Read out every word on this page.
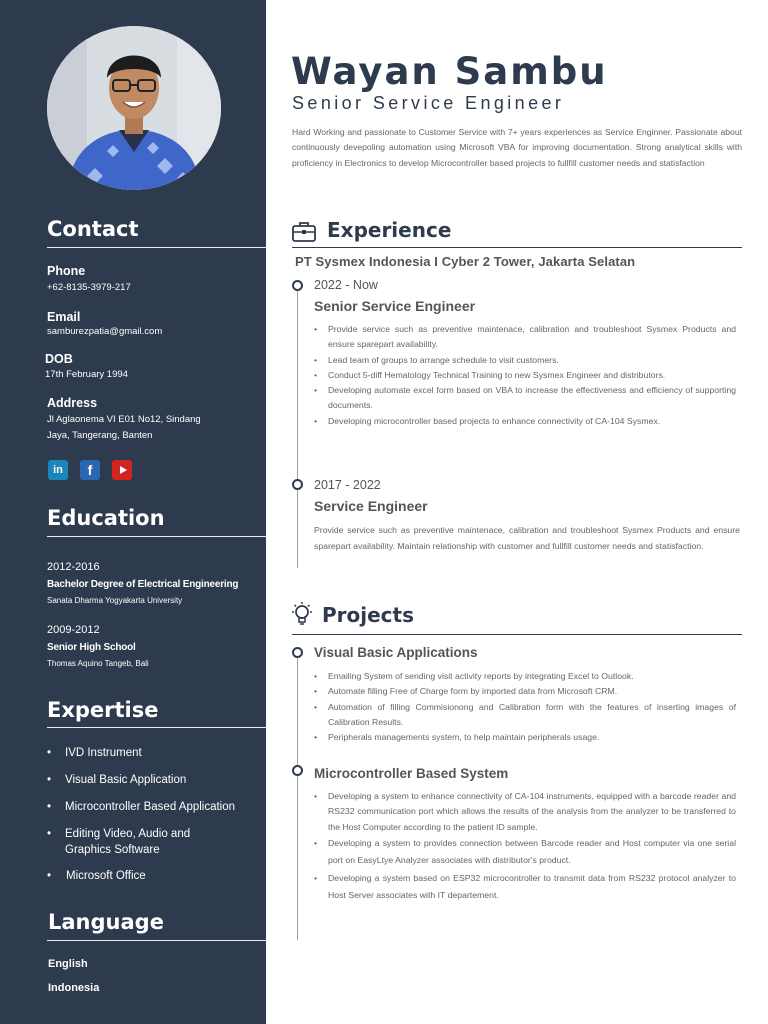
Contact
Phone
+62-8135-3979-217
Email
samburezpatia@gmail.com
DOB
17th February 1994
Address
Jl Aglaonema VI E01 No12, Sindang Jaya, Tangerang, Banten
in	f
Education
2012-2016
Bachelor Degree of Electrical Engineering
Sanata Dharma Yogyakarta University
2009-2012
Senior High School
Thomas Aquino Tangeb, Bali
Expertise
• IVD Instrument
• Visual Basic Application
• Microcontroller Based Application
• Editing Video, Audio and Graphics Software
• Microsoft Office
Language
English
Indonesia
Wayan Sambu
Senior Service Engineer
Hard Working and passionate to Customer Service with 7+ years experiences as Service Enginner. Passionate about continuously devepoling automation using Microsoft VBA for improving documentation. Strong analytical skills with proficiency in Electronics to develop Microcontroller based projects to fullfill customer needs and statisfaction
Experience
PT Sysmex Indonesia I Cyber 2 Tower, Jakarta Selatan
2022 - Now
Senior Service Engineer
• Provide service such as preventive maintenace, calibration and troubleshoot Sysmex Products and ensure sparepart availability.
• Lead team of groups to arrange schedule to visit customers.
• Conduct 5-diff Hematology Technical Training to new Sysmex Engineer and distributors.
• Developing automate excel form based on VBA to increase the effectiveness and efficiency of supporting documents.
• Developing microcontroller based projects to enhance connectivity of CA-104 Sysmex.
2017 - 2022
Service Engineer
Provide service such as preventive maintenace, calibration and troubleshoot Sysmex Products and ensure sparepart availability. Maintain relationship with customer and fullfill customer needs and statisfaction.
Projects
Visual Basic Applications
• Emailing System of sending visit activity reports by integrating Excel to Outlook.
• Automate filling Free of Charge form by imported data from Microsoft CRM.
• Automation of filling Commisionong and Calibration form with the features of inserting images of Calibration Results.
• Peripherals managements system, to help maintain peripherals usage.
Microcontroller Based System
• Developing a system to enhance connectivity of CA-104 instruments, equipped with a barcode reader and RS232 communication port which allows the results of the analysis from the analyzer to be transferred to the Host Computer according to the patient ID sample.
• Developing a system to provides connection between Barcode reader and Host computer via one serial port on EasyLtye Analyzer associates with distributor's product.
• Developing a system based on ESP32 microcontroller to transmit data from RS232 protocol analyzer to Host Server associates with IT departement.
